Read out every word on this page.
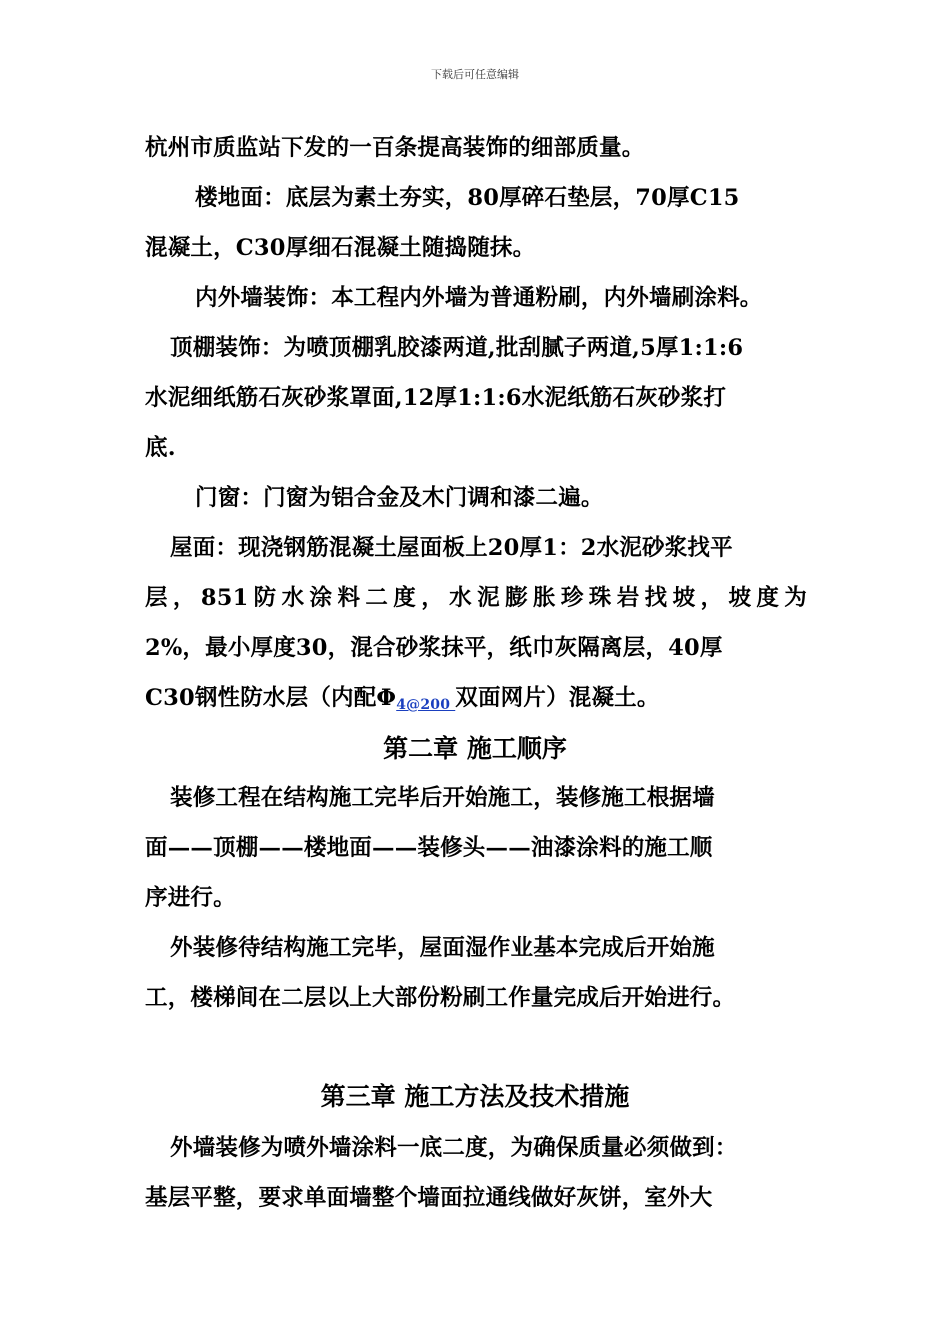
下载后可任意编辑
杭州市质监站下发的一百条提高装饰的细部质量。
楼地面：底层为素土夯实，80厚碎石垫层，70厚C15
混凝土，C30厚细石混凝土随捣随抹。
内外墙装饰：本工程内外墙为普通粉刷，内外墙刷涂料。
顶棚装饰：为喷顶棚乳胶漆两道,批刮腻子两道,5厚1:1:6
水泥细纸筋石灰砂浆罩面,12厚1:1:6水泥纸筋石灰砂浆打
底.
门窗：门窗为铝合金及木门调和漆二遍。
屋面：现浇钢筋混凝土屋面板上20厚1：2水泥砂浆找平
层，851防水涂料二度，水泥膨胀珍珠岩找坡，坡度为
2%，最小厚度30，混合砂浆抹平，纸巾灰隔离层，40厚
C30钢性防水层（内配Φ4@200 双面网片）混凝土。
第二章 施工顺序
装修工程在结构施工完毕后开始施工，装修施工根据墙
面——顶棚——楼地面——装修头——油漆涂料的施工顺
序进行。
外装修待结构施工完毕，屋面湿作业基本完成后开始施
工，楼梯间在二层以上大部份粉刷工作量完成后开始进行。
第三章 施工方法及技术措施
外墙装修为喷外墙涂料一底二度，为确保质量必须做到：
基层平整，要求单面墙整个墙面拉通线做好灰饼，室外大
